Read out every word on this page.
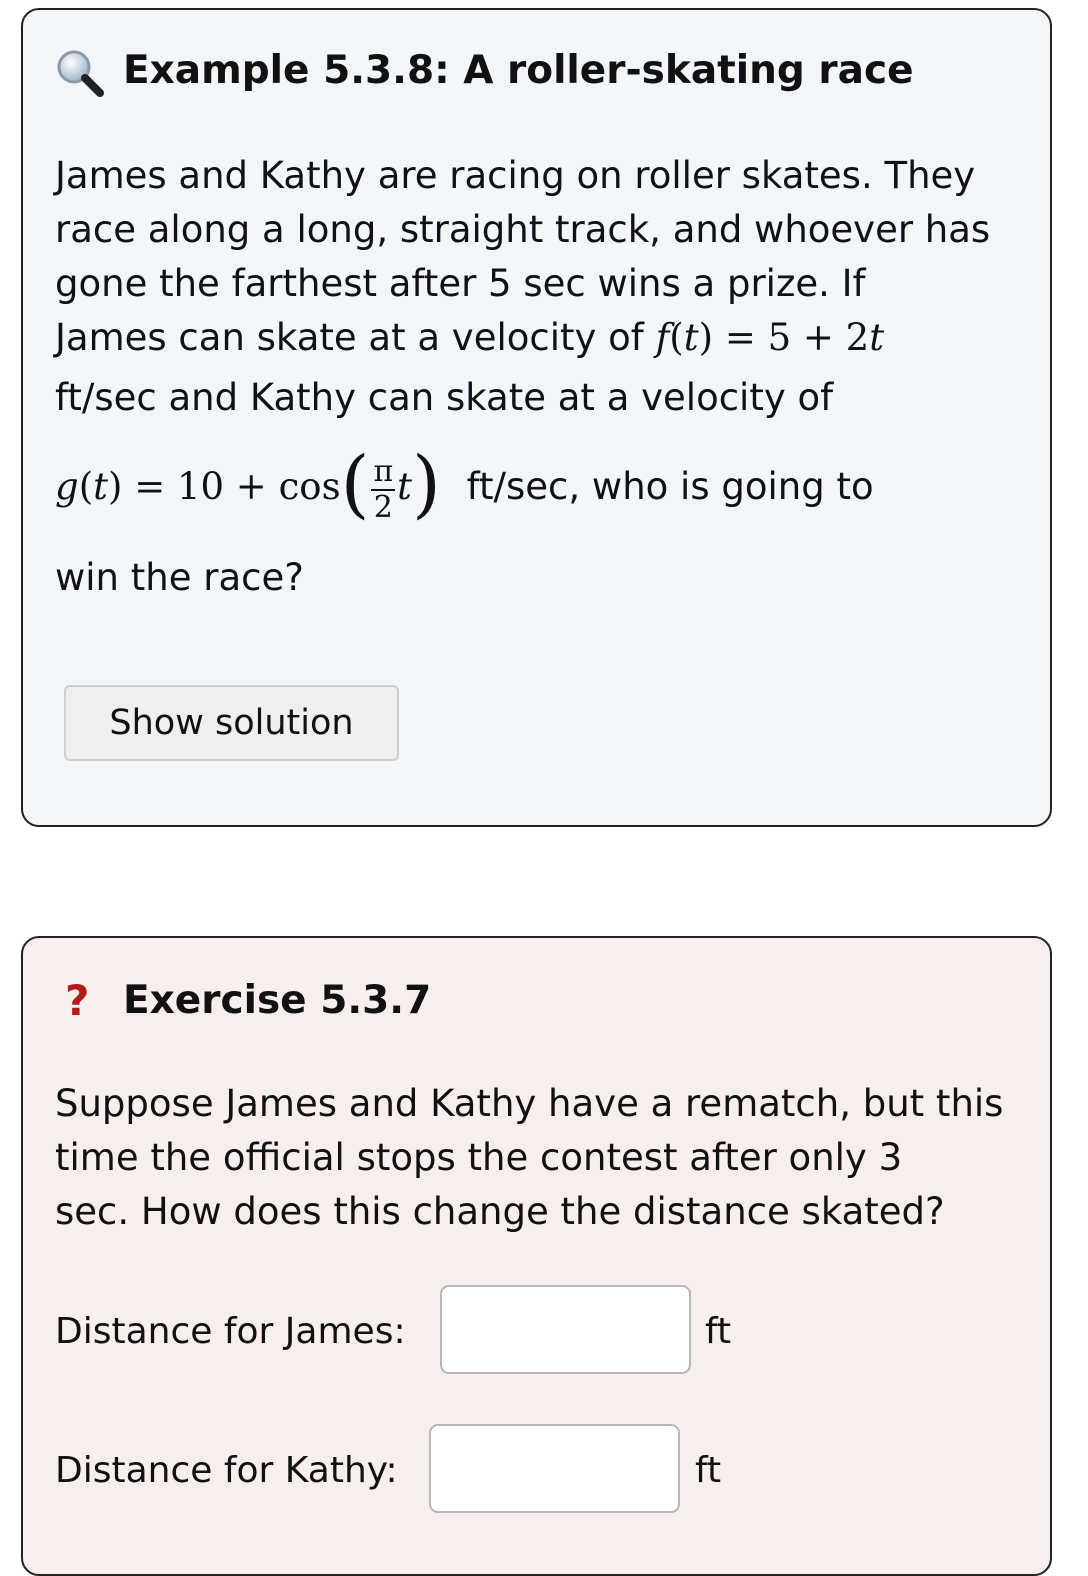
Example 5.3.8: A roller-skating race
James and Kathy are racing on roller skates. They
race along a long, straight track, and whoever has
gone the farthest after 5 sec wins a prize. If
James can skate at a velocity of f(t) = 5 + 2t
ft/sec and Kathy can skate at a velocity of
$g(t) = 10 + \cos( \frac{\pi}{2} t)$ ft/sec, who is going to
win the race?
Show solution
? Exercise 5.3.7
Suppose James and Kathy have a rematch, but this
time the official stops the contest after only 3
sec. How does this change the distance skated?
Distance for James:	ft
Distance for Kathy:	ft
